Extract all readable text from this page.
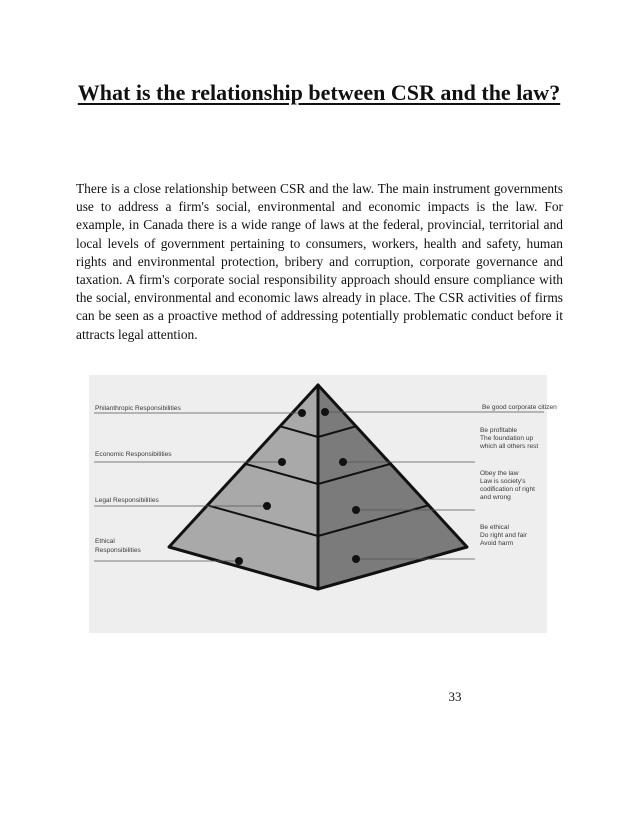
What is the relationship between CSR and the law?

There is a close relationship between CSR and the law. The main instrument governments use to address a firm's social, environmental and economic impacts is the law. For example, in Canada there is a wide range of laws at the federal, provincial, territorial and local levels of government pertaining to consumers, workers, health and safety, human rights and environmental protection, bribery and corruption, corporate governance and taxation. A firm's corporate social responsibility approach should ensure compliance with the social, environmental and economic laws already in place. The CSR activities of firms can be seen as a proactive method of addressing potentially problematic conduct before it attracts legal attention.

Philanthropic Responsibilities
Economic Responsibilities
Legal Responsibilities
Ethical
Responsibilities
Be good corporate citizen
Be profitable
The foundation up
which all others rest
Obey the law
Law is society's
codification of right
and wrong
Be ethical
Do right and fair
Avoid harm
33
